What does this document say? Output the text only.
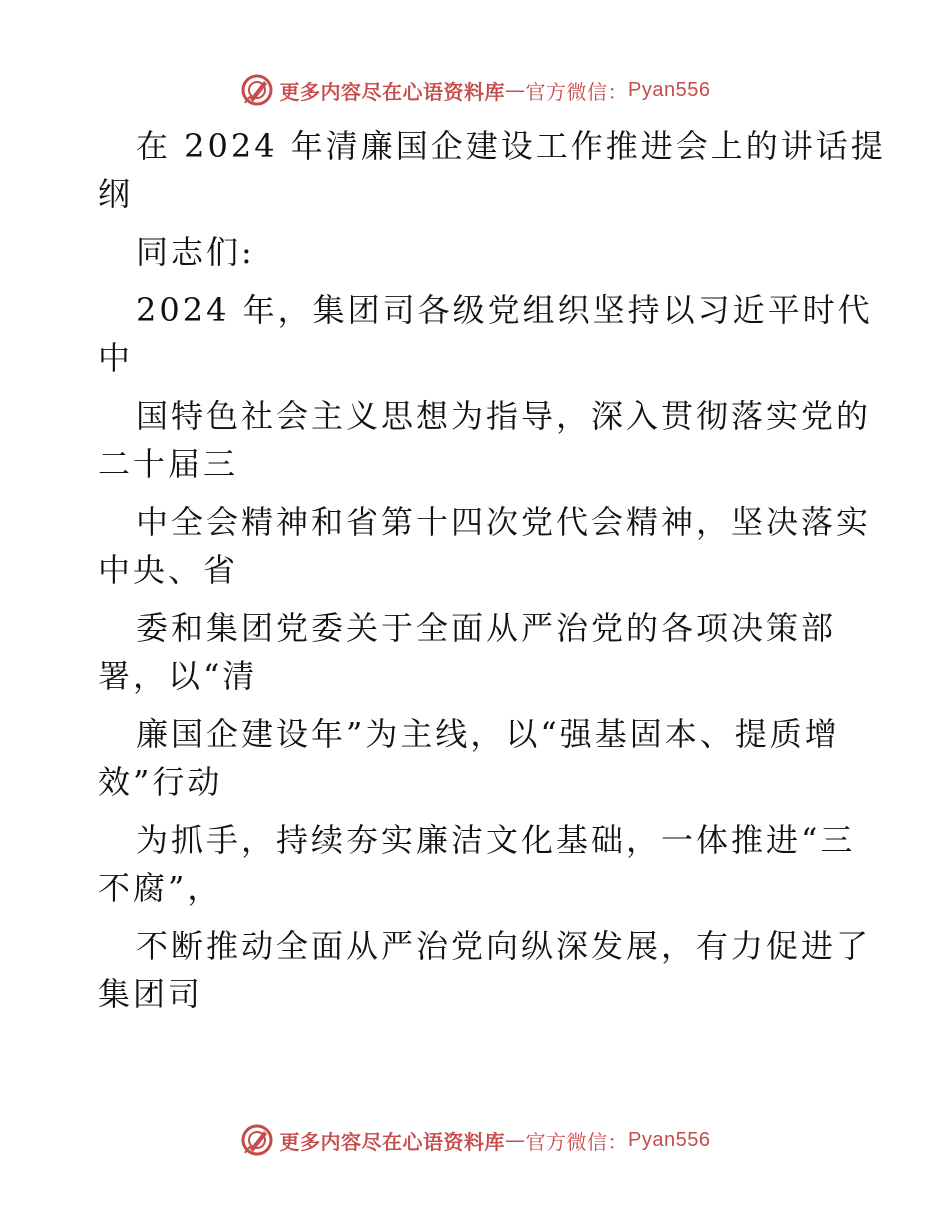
更多内容尽在心语资料库 — 官方微信： Pyan556
在 2024 年清廉国企建设工作推进会上的讲话提
纲
同志们:
2024 年，集团司各级党组织坚持以习近平时代
中
国特色社会主义思想为指导，深入贯彻落实党的
二十届三
中全会精神和省第十四次党代会精神，坚决落实
中央、省
委和集团党委关于全面从严治党的各项决策部
署，以“清
廉国企建设年”为主线，以“强基固本、提质增
效”行动
为抓手，持续夯实廉洁文化基础，一体推进“三
不腐”，
不断推动全面从严治党向纵深发展，有力促进了
集团司
更多内容尽在心语资料库 — 官方微信： Pyan556
